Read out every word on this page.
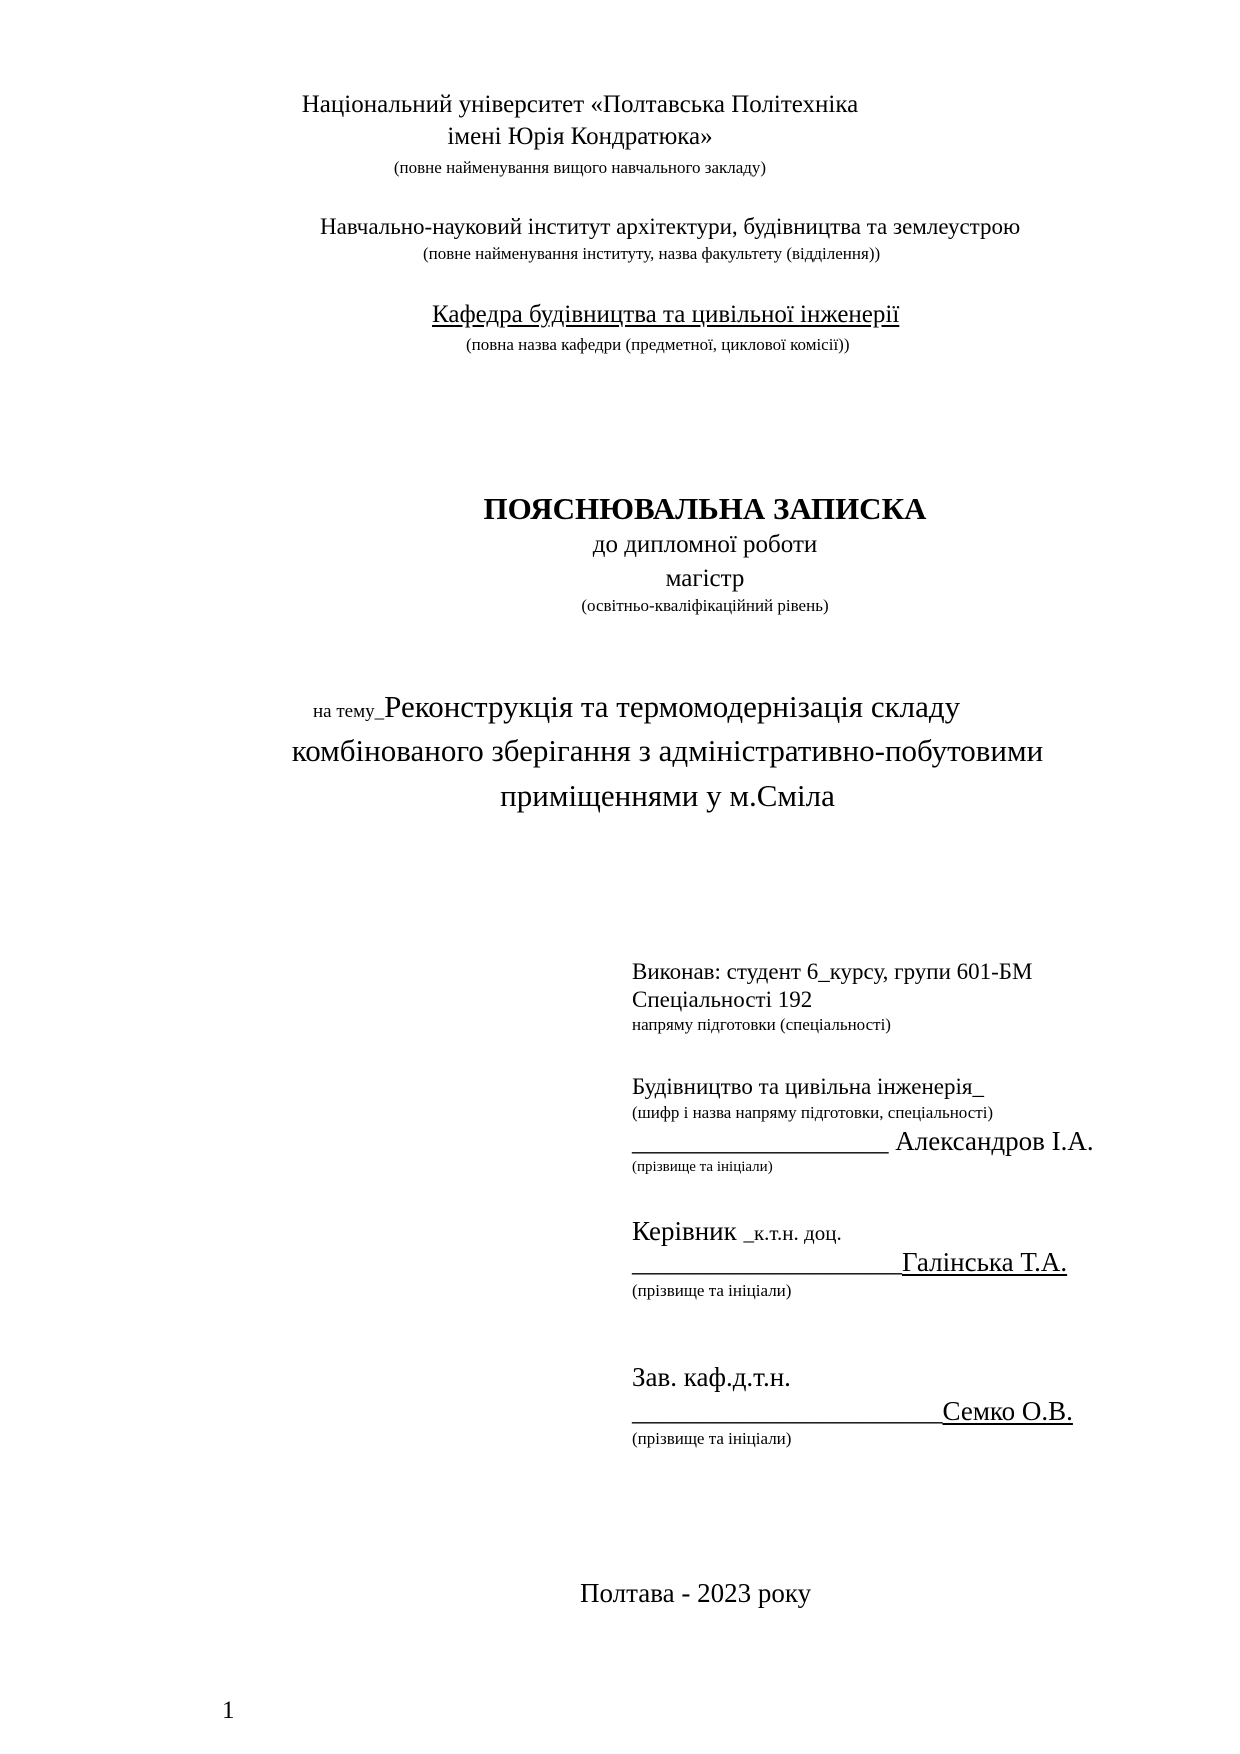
Національний університет «Полтавська Політехніка
імені Юрія Кондратюка»
(повне найменування вищого навчального закладу)
Навчально-науковий інститут архітектури, будівництва та землеустрою
(повне найменування інституту, назва факультету (відділення))
Кафедра будівництва та цивільної інженерії
(повна назва кафедри (предметної, циклової комісії))
ПОЯСНЮВАЛЬНА ЗАПИСКА
до дипломної роботи
магістр
(освітньо-кваліфікаційний рівень)
на тему_Реконструкція та термомодернізація складу
комбінованого зберігання з адміністративно-побутовими
приміщеннями у м.Сміла
Виконав: студент 6_курсу, групи 601-БМ
Спеціальності 192
напряму підготовки (спеціальності)
Будівництво та цивільна інженерія_
(шифр і назва напряму підготовки, спеціальності)
___________________ Александров І.А.
(прізвище та ініціали)
Керівник _к.т.н. доц.
____________________Галінська Т.А.
(прізвище та ініціали)
Зав. каф.д.т.н.
_______________________Семко О.В.
(прізвище та ініціали)
Полтава - 2023 року
1
